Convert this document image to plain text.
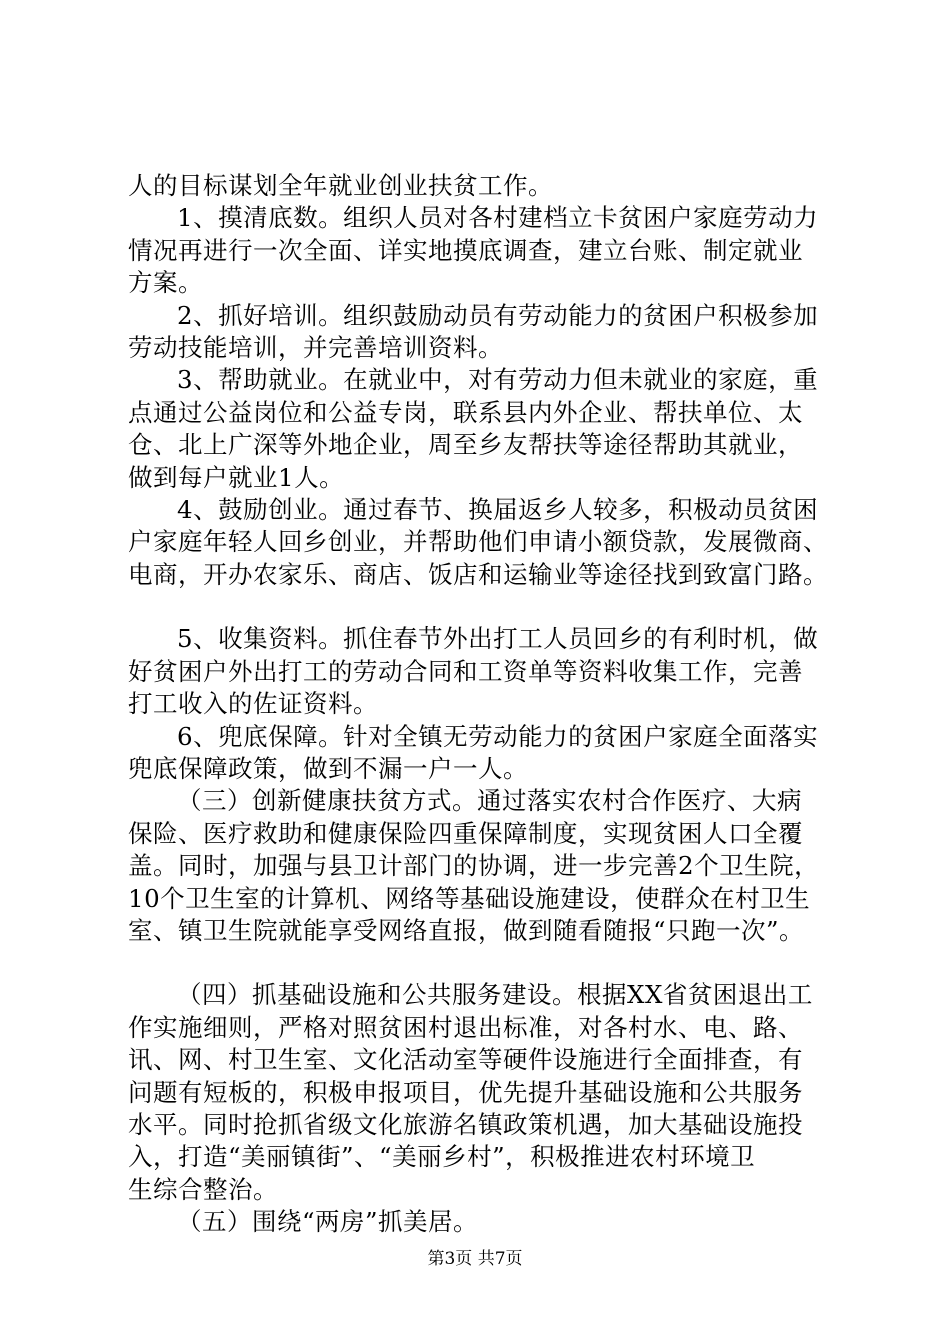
人的目标谋划全年就业创业扶贫工作。

1、摸清底数。组织人员对各村建档立卡贫困户家庭劳动力
情况再进行一次全面、详实地摸底调查，建立台账、制定就业
方案。

2、抓好培训。组织鼓励动员有劳动能力的贫困户积极参加
劳动技能培训，并完善培训资料。

3、帮助就业。在就业中，对有劳动力但未就业的家庭，重
点通过公益岗位和公益专岗，联系县内外企业、帮扶单位、太
仓、北上广深等外地企业，周至乡友帮扶等途径帮助其就业，
做到每户就业1人。

4、鼓励创业。通过春节、换届返乡人较多，积极动员贫困
户家庭年轻人回乡创业，并帮助他们申请小额贷款，发展微商、
电商，开办农家乐、商店、饭店和运输业等途径找到致富门路。

5、收集资料。抓住春节外出打工人员回乡的有利时机，做
好贫困户外出打工的劳动合同和工资单等资料收集工作，完善
打工收入的佐证资料。

6、兜底保障。针对全镇无劳动能力的贫困户家庭全面落实
兜底保障政策，做到不漏一户一人。

（三）创新健康扶贫方式。通过落实农村合作医疗、大病
保险、医疗救助和健康保险四重保障制度，实现贫困人口全覆
盖。同时，加强与县卫计部门的协调，进一步完善2个卫生院，
10个卫生室的计算机、网络等基础设施建设，使群众在村卫生
室、镇卫生院就能享受网络直报，做到随看随报“只跑一次”。

（四）抓基础设施和公共服务建设。根据XX省贫困退出工
作实施细则，严格对照贫困村退出标准，对各村水、电、路、
讯、网、村卫生室、文化活动室等硬件设施进行全面排查，有
问题有短板的，积极申报项目，优先提升基础设施和公共服务
水平。同时抢抓省级文化旅游名镇政策机遇，加大基础设施投
入，打造“美丽镇街”、“美丽乡村”，积极推进农村环境卫
生综合整治。

（五）围绕“两房”抓美居。

第3页 共7页
